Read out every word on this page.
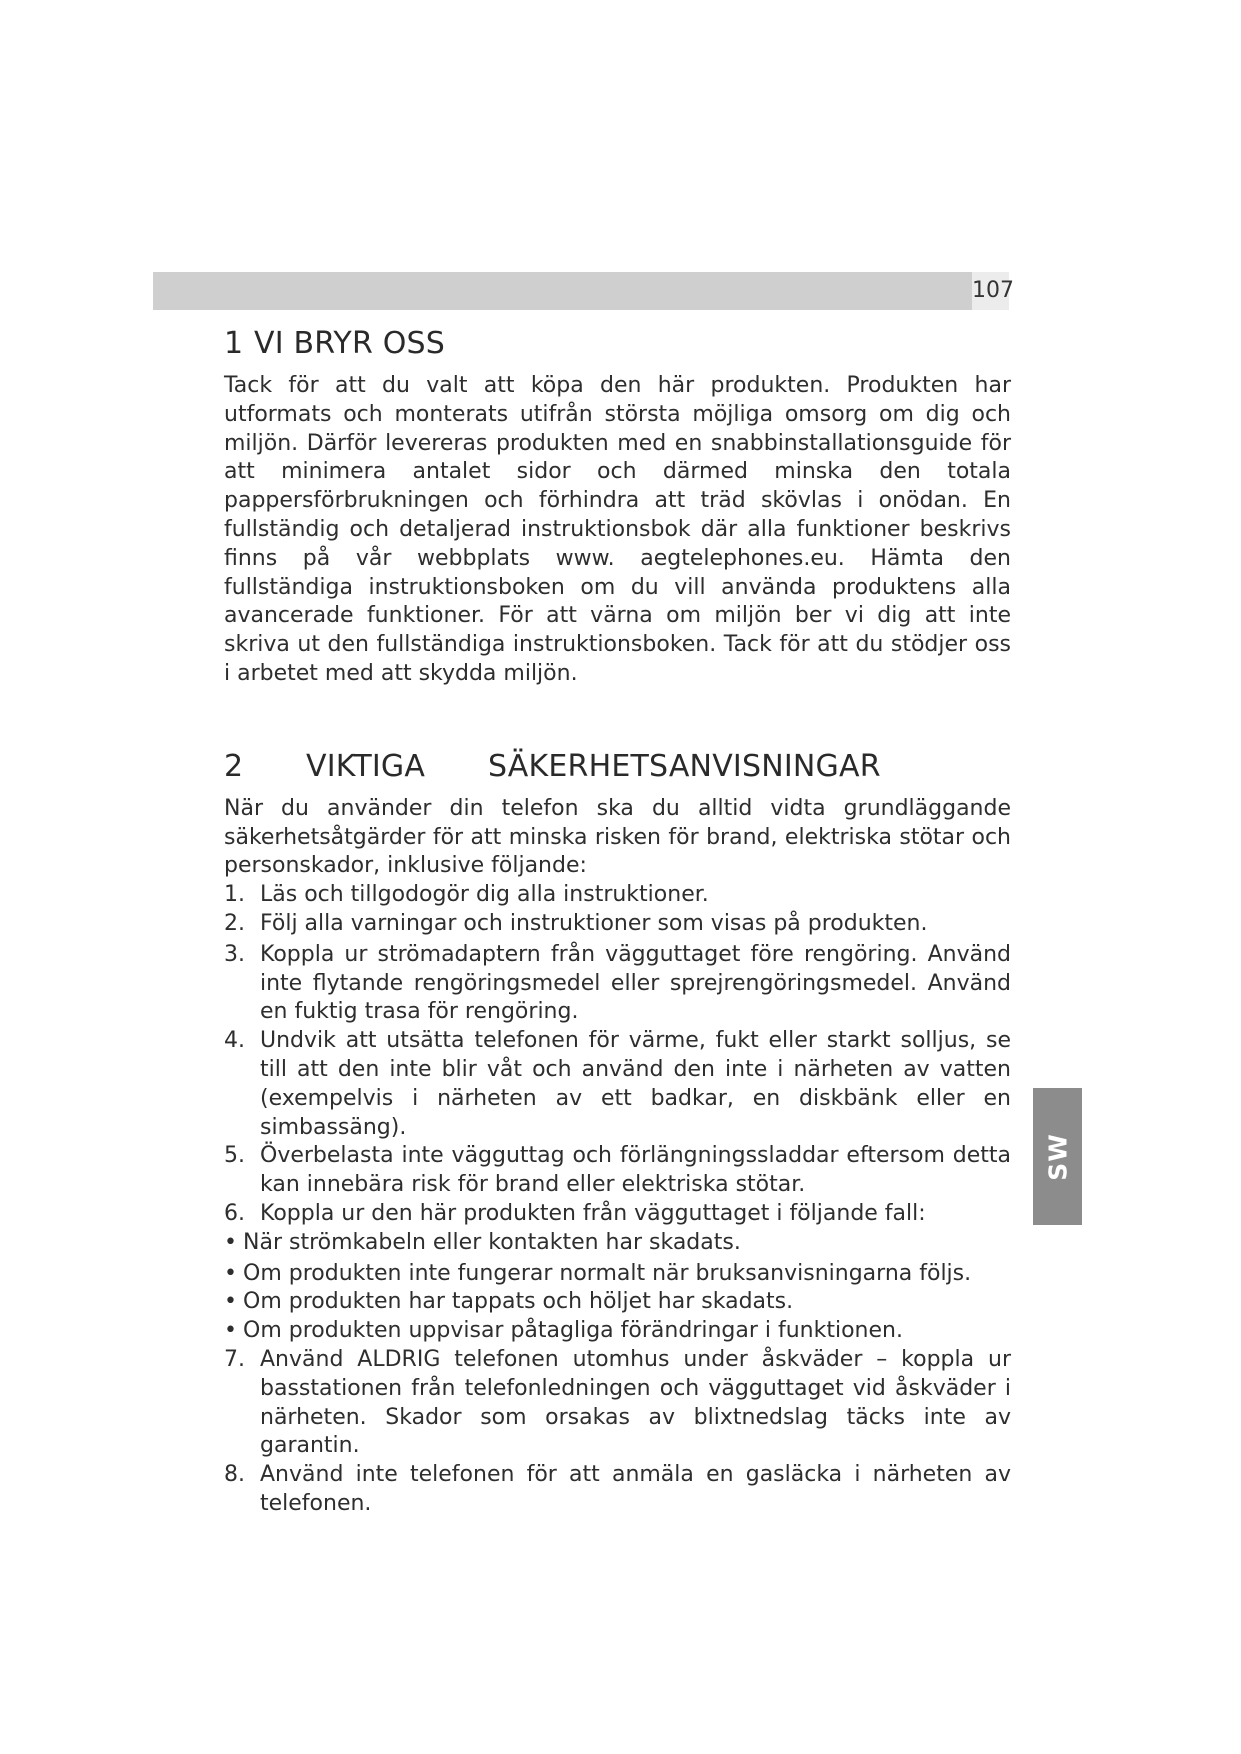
107
SW
1 VI BRYR OSS

Tack för att du valt att köpa den här produkten. Produkten har utformats och monterats utifrån största möjliga omsorg om dig och miljön. Därför levereras produkten med en snabbinstallationsguide för att minimera antalet sidor och därmed minska den totala pappersförbrukningen och förhindra att träd skövlas i onödan. En fullständig och detaljerad instruktionsbok där alla funktioner beskrivs finns på vår webbplats www. aegtelephones.eu. Hämta den fullständiga instruktionsboken om du vill använda produktens alla avancerade funktioner. För att värna om miljön ber vi dig att inte skriva ut den fullständiga instruktionsboken. Tack för att du stödjer oss i arbetet med att skydda miljön.

2	VIKTIGA	SÄKERHETSANVISNINGAR

När du använder din telefon ska du alltid vidta grundläggande säkerhetsåtgärder för att minska risken för brand, elektriska stötar och personskador, inklusive följande:

1. Läs och tillgodogör dig alla instruktioner.
2. Följ alla varningar och instruktioner som visas på produkten.
3. Koppla ur strömadaptern från vägguttaget före rengöring. Använd inte flytande rengöringsmedel eller sprejrengöringsmedel. Använd en fuktig trasa för rengöring.
4. Undvik att utsätta telefonen för värme, fukt eller starkt solljus, se till att den inte blir våt och använd den inte i närheten av vatten (exempelvis i närheten av ett badkar, en diskbänk eller en simbassäng).
5. Överbelasta inte vägguttag och förlängningssladdar eftersom detta kan innebära risk för brand eller elektriska stötar.
6. Koppla ur den här produkten från vägguttaget i följande fall:
• När strömkabeln eller kontakten har skadats.
• Om produkten inte fungerar normalt när bruksanvisningarna följs.
• Om produkten har tappats och höljet har skadats.
• Om produkten uppvisar påtagliga förändringar i funktionen.
7. Använd ALDRIG telefonen utomhus under åskväder – koppla ur basstationen från telefonledningen och vägguttaget vid åskväder i närheten. Skador som orsakas av blixtnedslag täcks inte av garantin.
8. Använd inte telefonen för att anmäla en gasläcka i närheten av telefonen.
